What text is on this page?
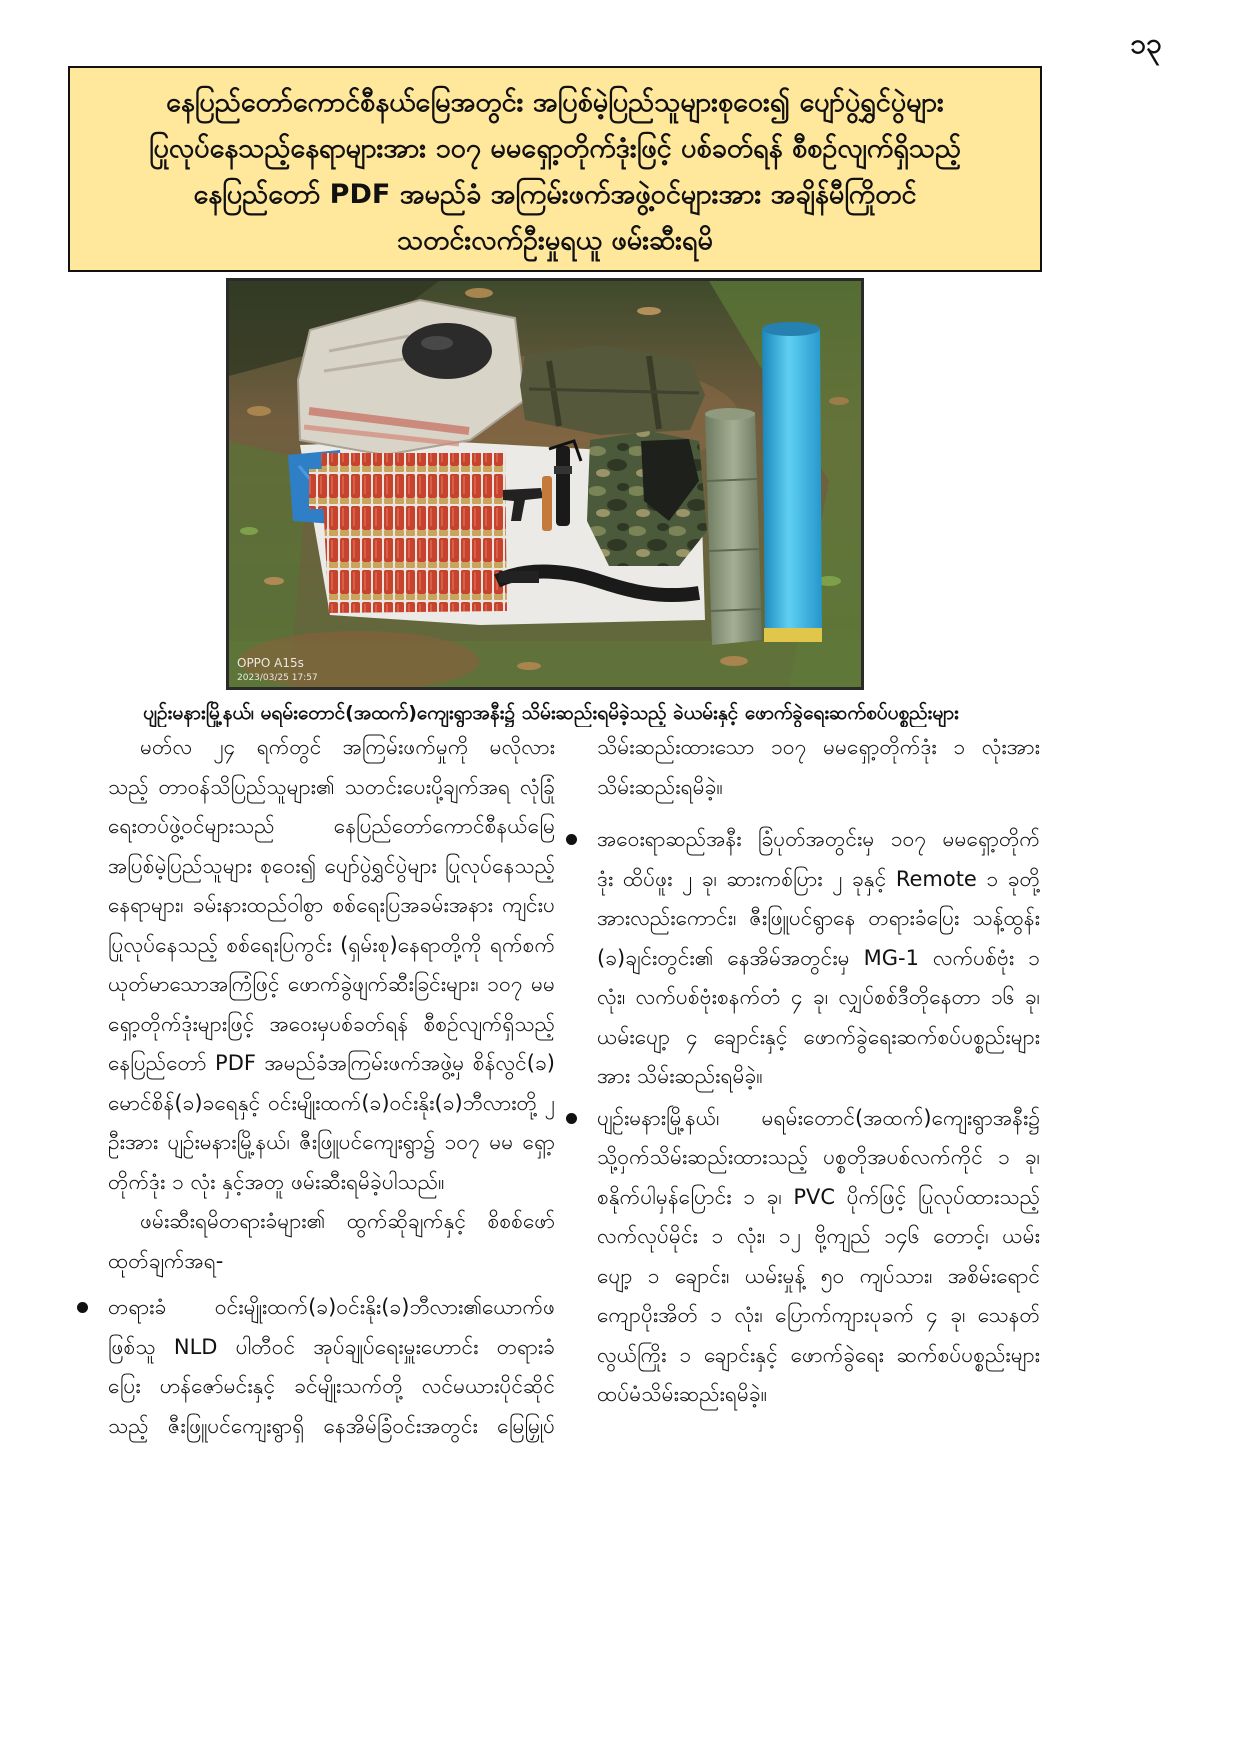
၁၃
နေပြည်တော်ကောင်စီနယ်မြေအတွင်း အပြစ်မဲ့ပြည်သူများစုဝေး၍ ပျော်ပွဲရွှင်ပွဲများ
ပြုလုပ်နေသည့်နေရာများအား ၁၀၇ မမရှော့တိုက်ဒုံးဖြင့် ပစ်ခတ်ရန် စီစဉ်လျက်ရှိသည့်
နေပြည်တော် PDF အမည်ခံ အကြမ်းဖက်အဖွဲ့ဝင်များအား အချိန်မီကြိုတင်
သတင်းလက်ဦးမှုရယူ ဖမ်းဆီးရမိ
OPPO A15s
2023/03/25 17:57
ပျဉ်းမနားမြို့နယ်၊ မရမ်းတောင်(အထက်)ကျေးရွာအနီး၌ သိမ်းဆည်းရမိခဲ့သည့် ခဲယမ်းနှင့် ဖောက်ခွဲရေးဆက်စပ်ပစ္စည်းများ
မတ်လ ၂၄ ရက်တွင် အကြမ်းဖက်မှုကို မလိုလား
သည့် တာဝန်သိပြည်သူများ၏ သတင်းပေးပို့ချက်အရ လုံခြုံ
ရေးတပ်ဖွဲ့ဝင်များသည် နေပြည်တော်ကောင်စီနယ်မြေ
အပြစ်မဲ့ပြည်သူများ စုဝေး၍ ပျော်ပွဲရွှင်ပွဲများ ပြုလုပ်နေသည့်
နေရာများ၊ ခမ်းနားထည်ဝါစွာ စစ်ရေးပြအခမ်းအနား ကျင်းပ
ပြုလုပ်နေသည့် စစ်ရေးပြကွင်း (ရှမ်းစု)နေရာတို့ကို ရက်စက်
ယုတ်မာသောအကြံဖြင့် ဖောက်ခွဲဖျက်ဆီးခြင်းများ၊ ၁၀၇ မမ
ရှော့တိုက်ဒုံးများဖြင့် အဝေးမှပစ်ခတ်ရန် စီစဉ်လျက်ရှိသည့်
နေပြည်တော် PDF အမည်ခံအကြမ်းဖက်အဖွဲ့မှ စိန်လွင်(ခ)
မောင်စိန်(ခ)ခရေနှင့် ဝင်းမျိုးထက်(ခ)ဝင်းနိုး(ခ)ဘီလားတို့ ၂
ဦးအား ပျဉ်းမနားမြို့နယ်၊ ဇီးဖြူပင်ကျေးရွာ၌ ၁၀၇ မမ ရှော့
တိုက်ဒုံး ၁ လုံး နှင့်အတူ ဖမ်းဆီးရမိခဲ့ပါသည်။
ဖမ်းဆီးရမိတရားခံများ၏ ထွက်ဆိုချက်နှင့် စိစစ်ဖော်
ထုတ်ချက်အရ-
တရားခံ ဝင်းမျိုးထက်(ခ)ဝင်းနိုး(ခ)ဘီလား၏ယောက်ဖ
ဖြစ်သူ NLD ပါတီဝင် အုပ်ချုပ်ရေးမှူးဟောင်း တရားခံ
ပြေး ဟန်ဇော်မင်းနှင့် ခင်မျိုးသက်တို့ လင်မယားပိုင်ဆိုင်
သည့် ဇီးဖြူပင်ကျေးရွာရှိ နေအိမ်ခြံဝင်းအတွင်း မြေမြှုပ်
သိမ်းဆည်းထားသော ၁၀၇ မမရှော့တိုက်ဒုံး ၁ လုံးအား
သိမ်းဆည်းရမိခဲ့။
အဝေးရာဆည်အနီး ခြံပုတ်အတွင်းမှ ၁၀၇ မမရှော့တိုက်
ဒုံး ထိပ်ဖူး ၂ ခု၊ ဆားကစ်ပြား ၂ ခုနှင့် Remote ၁ ခုတို့
အားလည်းကောင်း၊ ဇီးဖြူပင်ရွာနေ တရားခံပြေး သန့်ထွန်း
(ခ)ချင်းတွင်း၏ နေအိမ်အတွင်းမှ MG-1 လက်ပစ်ဗုံး ၁
လုံး၊ လက်ပစ်ဗုံးစနက်တံ ၄ ခု၊ လျှပ်စစ်ဒီတိုနေတာ ၁၆ ခု၊
ယမ်းပျော့ ၄ ချောင်းနှင့် ဖောက်ခွဲရေးဆက်စပ်ပစ္စည်းများ
အား သိမ်းဆည်းရမိခဲ့။
ပျဉ်းမနားမြို့နယ်၊ မရမ်းတောင်(အထက်)ကျေးရွာအနီး၌
သို့ဝှက်သိမ်းဆည်းထားသည့် ပစ္စတိုအပစ်လက်ကိုင် ၁ ခု၊
စနိုက်ပါမှန်ပြောင်း ၁ ခု၊ PVC ပိုက်ဖြင့် ပြုလုပ်ထားသည့်
လက်လုပ်မိုင်း ၁ လုံး၊ ၁၂ ဗို့ကျည် ၁၄၆ တောင့်၊ ယမ်း
ပျော့ ၁ ချောင်း၊ ယမ်းမှုန့် ၅၀ ကျပ်သား၊ အစိမ်းရောင်
ကျောပိုးအိတ် ၁ လုံး၊ ပြောက်ကျားပုခက် ၄ ခု၊ သေနတ်
လွယ်ကြိုး ၁ ချောင်းနှင့် ဖောက်ခွဲရေး ဆက်စပ်ပစ္စည်းများ
ထပ်မံသိမ်းဆည်းရမိခဲ့။
